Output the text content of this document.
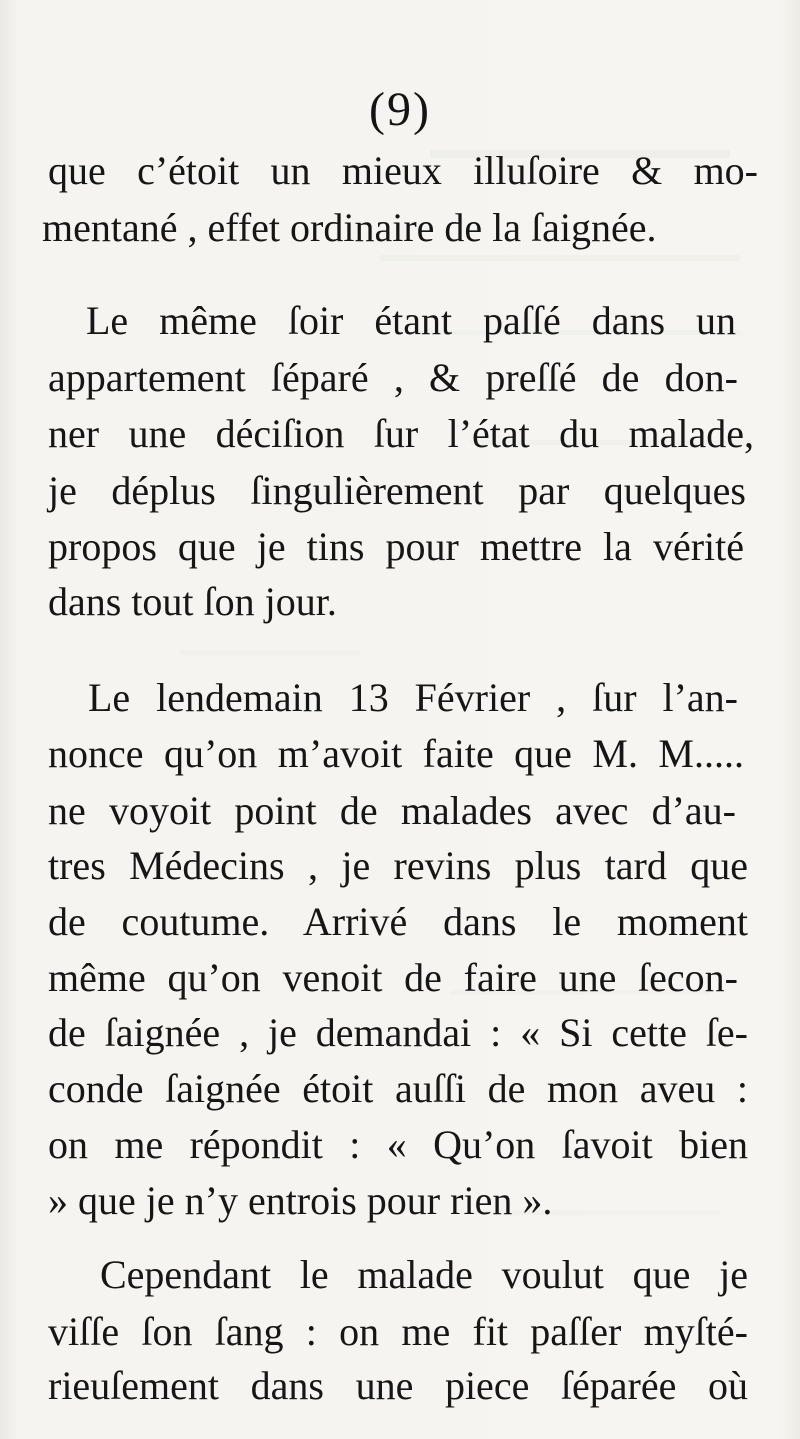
(9)
que c’étoit un mieux illuſoire & mo-
mentané , effet ordinaire de la ſaignée.
Le même ſoir étant paſſé dans un
appartement ſéparé , & preſſé de don-
ner une déciſion ſur l’état du malade,
je déplus ſingulièrement par quelques
propos que je tins pour mettre la vérité
dans tout ſon jour.
Le lendemain 13 Février , ſur l’an-
nonce qu’on m’avoit faite que M. M.....
ne voyoit point de malades avec d’au-
tres Médecins , je revins plus tard que
de coutume. Arrivé dans le moment
même qu’on venoit de faire une ſecon-
de ſaignée , je demandai : « Si cette ſe-
conde ſaignée étoit auſſi de mon aveu :
on me répondit : « Qu’on ſavoit bien
» que je n’y entrois pour rien ».
Cependant le malade voulut que je
viſſe ſon ſang : on me fit paſſer myſté-
rieuſement dans une piece ſéparée où
